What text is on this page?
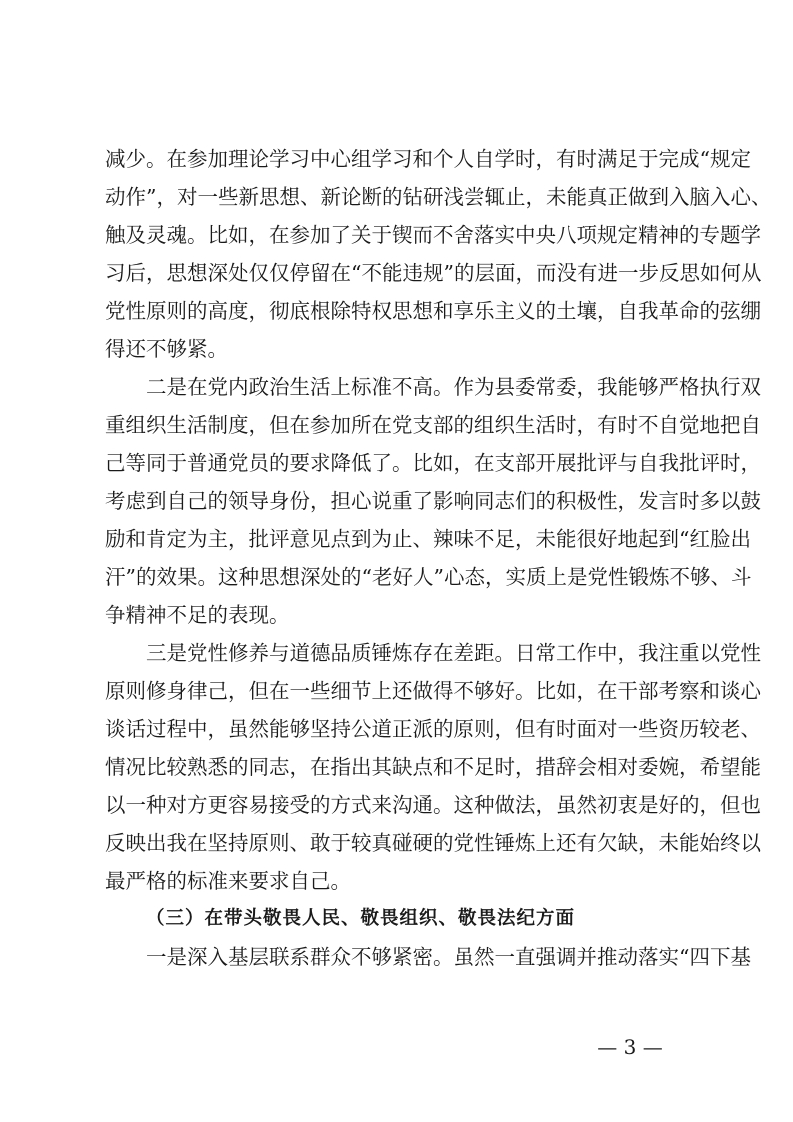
减少。在参加理论学习中心组学习和个人自学时，有时满足于完成“规定
动作”，对一些新思想、新论断的钻研浅尝辄止，未能真正做到入脑入心、
触及灵魂。比如，在参加了关于锲而不舍落实中央八项规定精神的专题学
习后，思想深处仅仅停留在“不能违规”的层面，而没有进一步反思如何从
党性原则的高度，彻底根除特权思想和享乐主义的土壤，自我革命的弦绷
得还不够紧。
二是在党内政治生活上标准不高。作为县委常委，我能够严格执行双
重组织生活制度，但在参加所在党支部的组织生活时，有时不自觉地把自
己等同于普通党员的要求降低了。比如，在支部开展批评与自我批评时，
考虑到自己的领导身份，担心说重了影响同志们的积极性，发言时多以鼓
励和肯定为主，批评意见点到为止、辣味不足，未能很好地起到“红脸出
汗”的效果。这种思想深处的“老好人”心态，实质上是党性锻炼不够、斗
争精神不足的表现。
三是党性修养与道德品质锤炼存在差距。日常工作中，我注重以党性
原则修身律己，但在一些细节上还做得不够好。比如，在干部考察和谈心
谈话过程中，虽然能够坚持公道正派的原则，但有时面对一些资历较老、
情况比较熟悉的同志，在指出其缺点和不足时，措辞会相对委婉，希望能
以一种对方更容易接受的方式来沟通。这种做法，虽然初衷是好的，但也
反映出我在坚持原则、敢于较真碰硬的党性锤炼上还有欠缺，未能始终以
最严格的标准来要求自己。
（三）在带头敬畏人民、敬畏组织、敬畏法纪方面
一是深入基层联系群众不够紧密。虽然一直强调并推动落实“四下基
— 3 —
